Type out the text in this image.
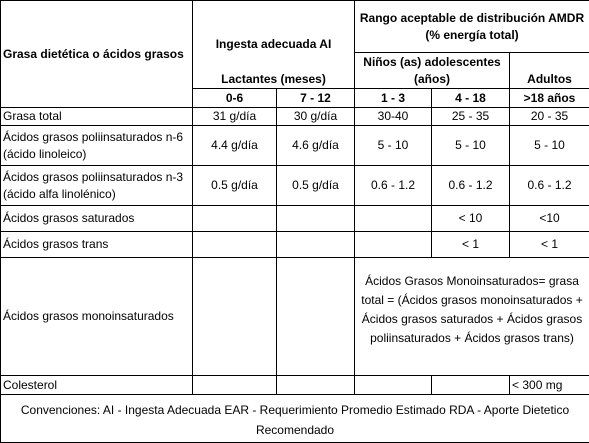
Grasa dietética o ácidos grasos	Ingesta adecuada AI		Rango aceptable de distribución AMDR (% energía total)		
	Lactantes (meses)		Niños (as) adolescentes (años)		Adultos
	0-6	7 - 12	1 - 3	4 - 18	>18 años
Grasa total	31 g/día	30 g/día	30-40	25 - 35	20 - 35
Ácidos grasos poliinsaturados n-6 (ácido linoleico)	4.4 g/día	4.6 g/día	5 - 10	5 - 10	5 - 10
Ácidos grasos poliinsaturados n-3 (ácido alfa linolénico)	0.5 g/día	0.5 g/día	0.6 - 1.2	0.6 - 1.2	0.6 - 1.2
Ácidos grasos saturados				< 10	<10
Ácidos grasos trans				< 1	< 1
Ácidos grasos monoinsaturados			Ácidos Grasos Monoinsaturados= grasa total = (Ácidos grasos monoinsaturados + Ácidos grasos saturados + Ácidos grasos poliinsaturados + Ácidos grasos trans)		
Colesterol					< 300 mg
Convenciones: AI - Ingesta Adecuada EAR - Requerimiento Promedio Estimado RDA - Aporte Dietetico Recomendado					
